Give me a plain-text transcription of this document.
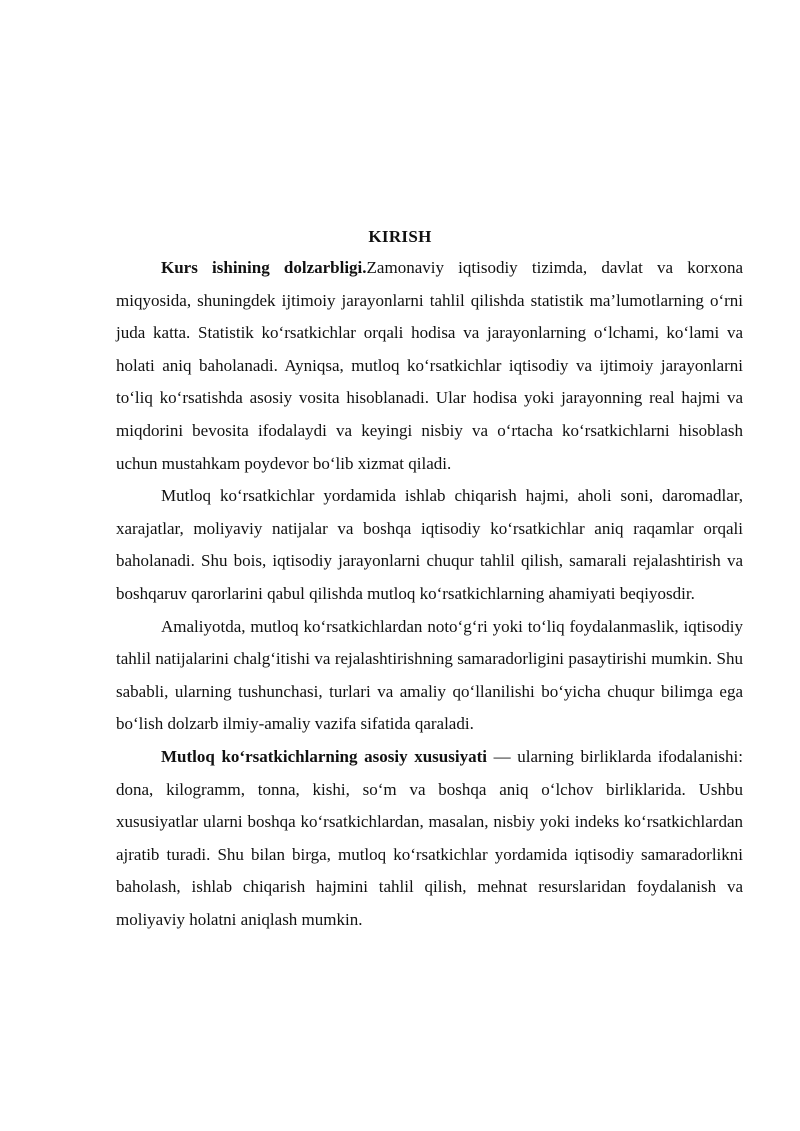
KIRISH

Kurs ishining dolzarbligi.Zamonaviy iqtisodiy tizimda, davlat va korxona miqyosida, shuningdek ijtimoiy jarayonlarni tahlil qilishda statistik ma’lumotlarning o‘rni juda katta. Statistik ko‘rsatkichlar orqali hodisa va jarayonlarning o‘lchami, ko‘lami va holati aniq baholanadi. Ayniqsa, mutloq ko‘rsatkichlar iqtisodiy va ijtimoiy jarayonlarni to‘liq ko‘rsatishda asosiy vosita hisoblanadi. Ular hodisa yoki jarayonning real hajmi va miqdorini bevosita ifodalaydi va keyingi nisbiy va o‘rtacha ko‘rsatkichlarni hisoblash uchun mustahkam poydevor bo‘lib xizmat qiladi.

Mutloq ko‘rsatkichlar yordamida ishlab chiqarish hajmi, aholi soni, daromadlar, xarajatlar, moliyaviy natijalar va boshqa iqtisodiy ko‘rsatkichlar aniq raqamlar orqali baholanadi. Shu bois, iqtisodiy jarayonlarni chuqur tahlil qilish, samarali rejalashtirish va boshqaruv qarorlarini qabul qilishda mutloq ko‘rsatkichlarning ahamiyati beqiyosdir.

Amaliyotda, mutloq ko‘rsatkichlardan noto‘g‘ri yoki to‘liq foydalanmaslik, iqtisodiy tahlil natijalarini chalg‘itishi va rejalashtirishning samaradorligini pasaytirishi mumkin. Shu sababli, ularning tushunchasi, turlari va amaliy qo‘llanilishi bo‘yicha chuqur bilimga ega bo‘lish dolzarb ilmiy-amaliy vazifa sifatida qaraladi.

Mutloq ko‘rsatkichlarning asosiy xususiyati — ularning birliklarda ifodalanishi: dona, kilogramm, tonna, kishi, so‘m va boshqa aniq o‘lchov birliklarida. Ushbu xususiyatlar ularni boshqa ko‘rsatkichlardan, masalan, nisbiy yoki indeks ko‘rsatkichlardan ajratib turadi. Shu bilan birga, mutloq ko‘rsatkichlar yordamida iqtisodiy samaradorlikni baholash, ishlab chiqarish hajmini tahlil qilish, mehnat resurslaridan foydalanish va moliyaviy holatni aniqlash mumkin.
